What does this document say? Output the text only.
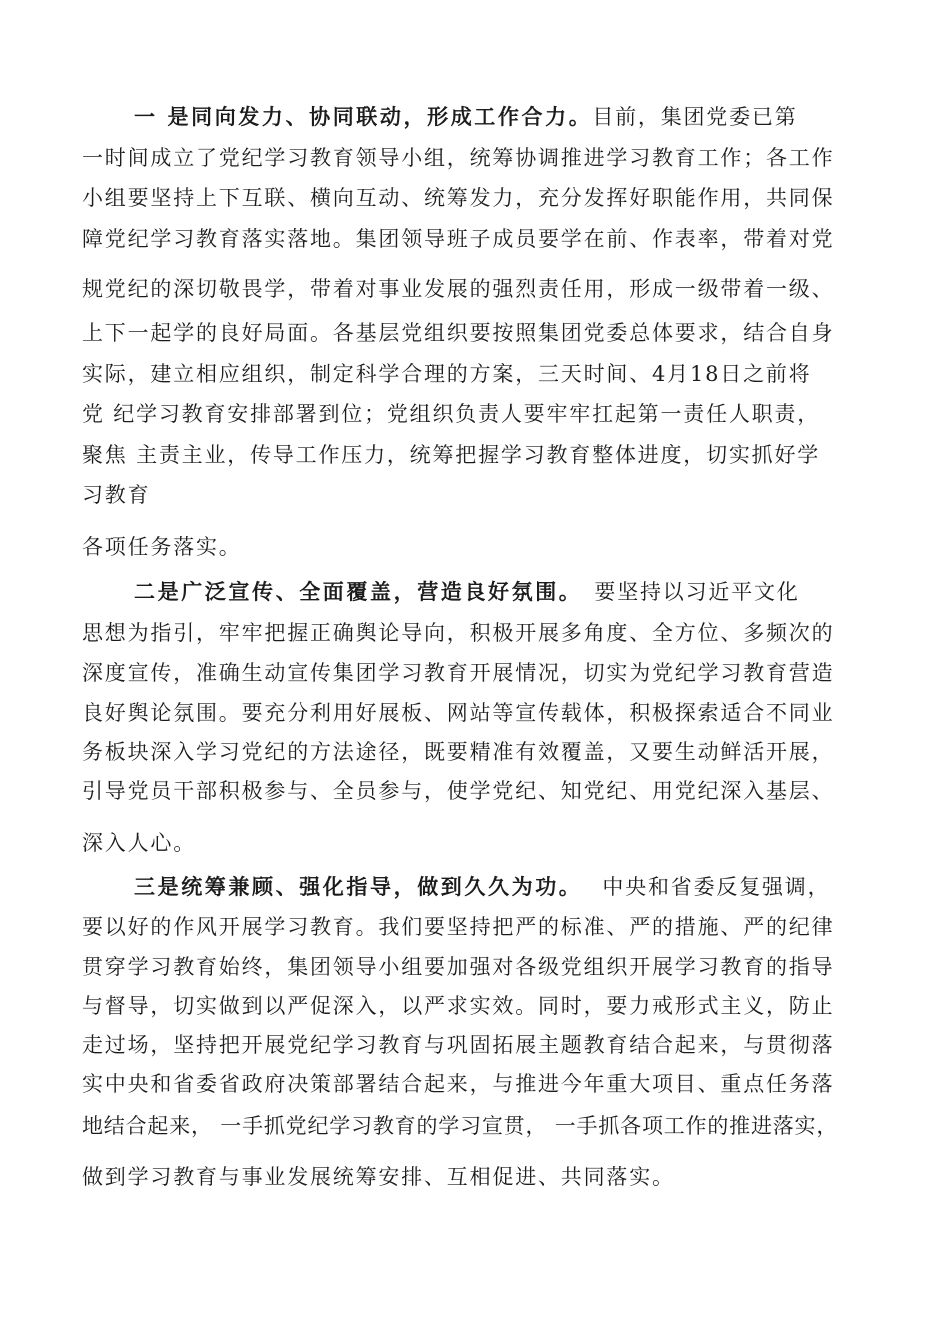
一 是同向发力、协同联动，形成工作合力。目前，集团党委已第
一时间成立了党纪学习教育领导小组，统筹协调推进学习教育工作；各工作
小组要坚持上下互联、横向互动、统筹发力，充分发挥好职能作用，共同保
障党纪学习教育落实落地。集团领导班子成员要学在前、作表率，带着对党
规党纪的深切敬畏学，带着对事业发展的强烈责任用，形成一级带着一级、
上下一起学的良好局面。各基层党组织要按照集团党委总体要求，结合自身
实际，建立相应组织，制定科学合理的方案，三天时间、4月18日之前将
党 纪学习教育安排部署到位；党组织负责人要牢牢扛起第一责任人职责，
聚焦 主责主业，传导工作压力，统筹把握学习教育整体进度，切实抓好学
习教育
各项任务落实。
二是广泛宣传、全面覆盖，营造良好氛围。 要坚持以习近平文化
思想为指引，牢牢把握正确舆论导向，积极开展多角度、全方位、多频次的
深度宣传，准确生动宣传集团学习教育开展情况，切实为党纪学习教育营造
良好舆论氛围。要充分利用好展板、网站等宣传载体，积极探索适合不同业
务板块深入学习党纪的方法途径，既要精准有效覆盖，又要生动鲜活开展，
引导党员干部积极参与、全员参与，使学党纪、知党纪、用党纪深入基层、
深入人心。
三是统筹兼顾、强化指导，做到久久为功。 中央和省委反复强调，
要以好的作风开展学习教育。我们要坚持把严的标准、严的措施、严的纪律
贯穿学习教育始终，集团领导小组要加强对各级党组织开展学习教育的指导
与督导，切实做到以严促深入，以严求实效。同时，要力戒形式主义，防止
走过场，坚持把开展党纪学习教育与巩固拓展主题教育结合起来，与贯彻落
实中央和省委省政府决策部署结合起来，与推进今年重大项目、重点任务落
地结合起来， 一手抓党纪学习教育的学习宣贯， 一手抓各项工作的推进落实，
做到学习教育与事业发展统筹安排、互相促进、共同落实。
